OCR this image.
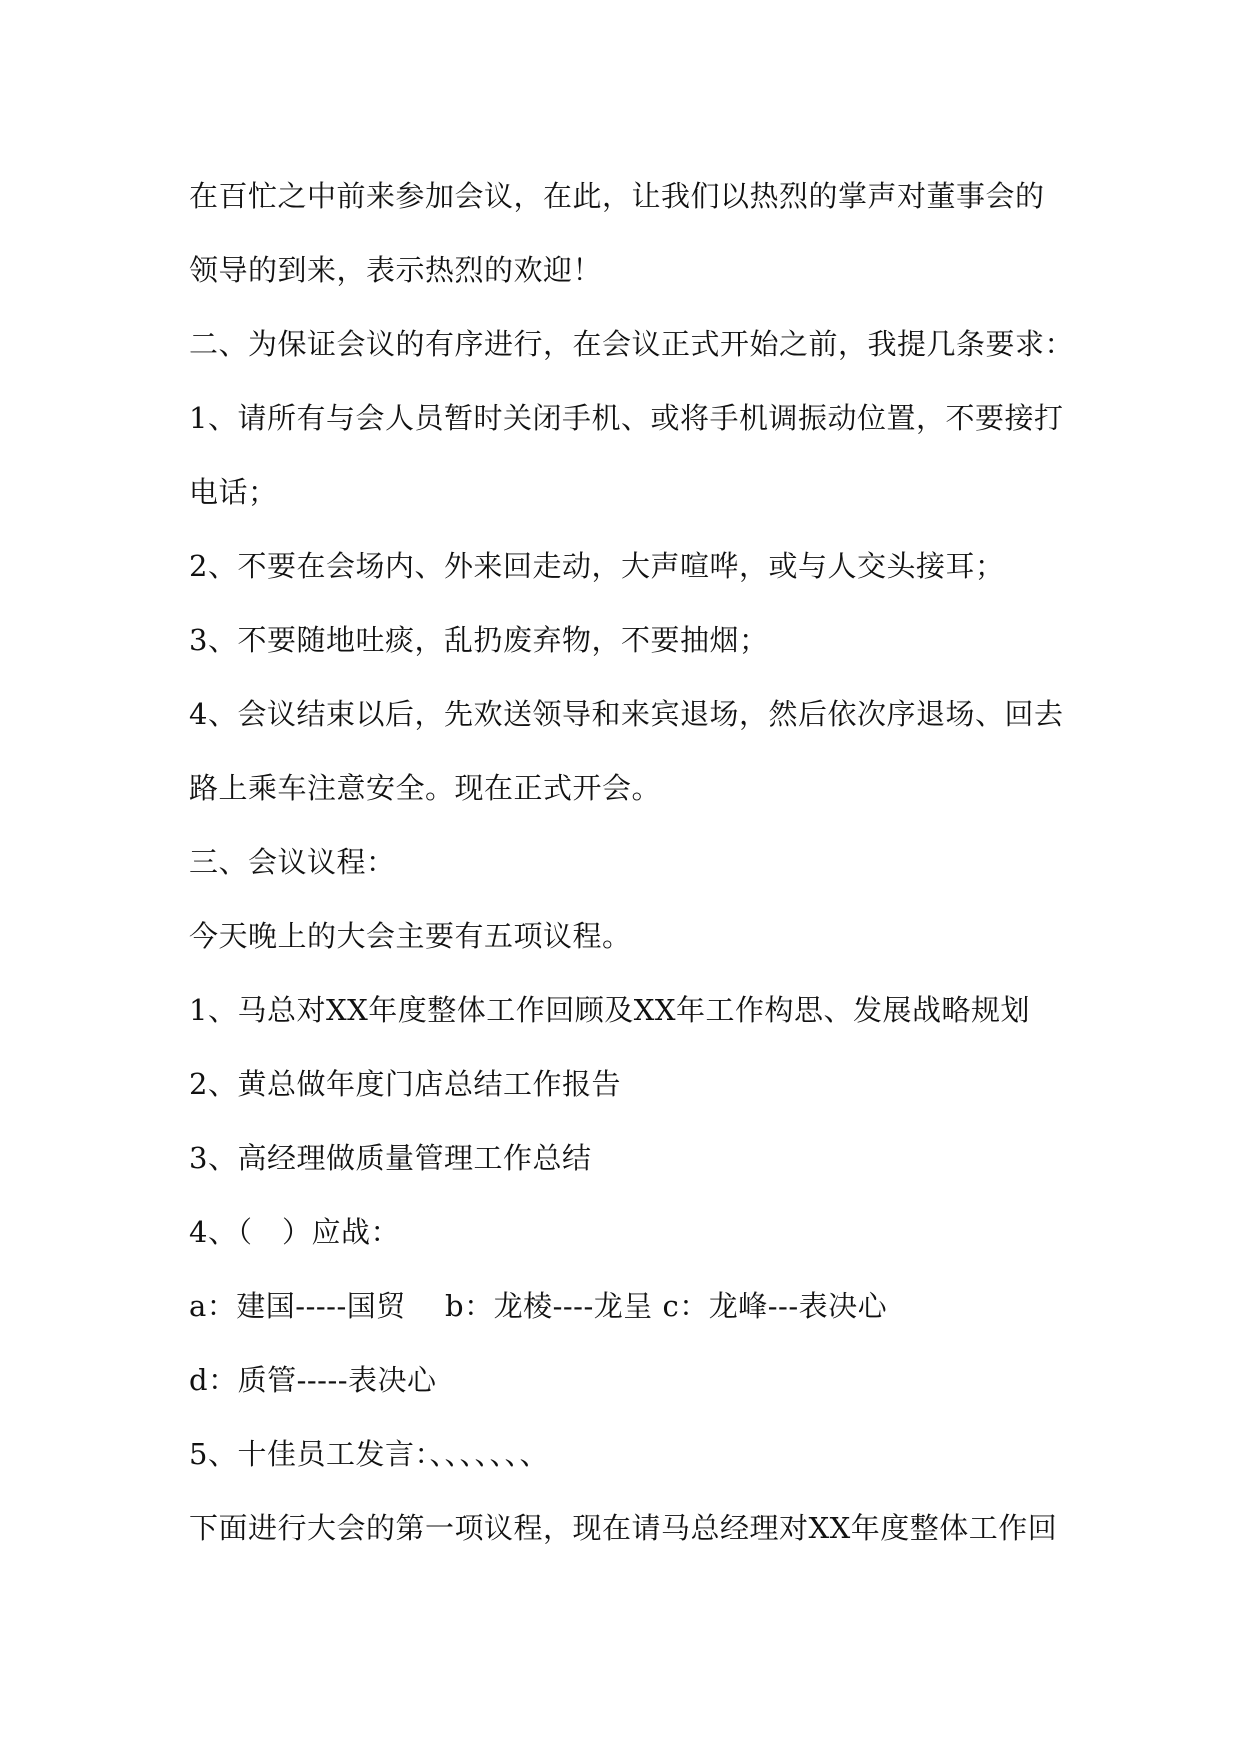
在百忙之中前来参加会议，在此，让我们以热烈的掌声对董事会的
领导的到来，表示热烈的欢迎！
二、为保证会议的有序进行，在会议正式开始之前，我提几条要求：
1、请所有与会人员暂时关闭手机、或将手机调振动位置，不要接打
电话；
2、不要在会场内、外来回走动，大声喧哗，或与人交头接耳；
3、不要随地吐痰，乱扔废弃物，不要抽烟；
4、会议结束以后，先欢送领导和来宾退场，然后依次序退场、回去
路上乘车注意安全。现在正式开会。
三、会议议程：
今天晚上的大会主要有五项议程。
1、马总对XX年度整体工作回顾及XX年工作构思、发展战略规划
2、黄总做年度门店总结工作报告
3、高经理做质量管理工作总结
4、（　）应战：
a：建国-----国贸　 b：龙棱----龙呈 c：龙峰---表决心
d：质管-----表决心
5、十佳员工发言：、、、、、、、
下面进行大会的第一项议程，现在请马总经理对XX年度整体工作回
